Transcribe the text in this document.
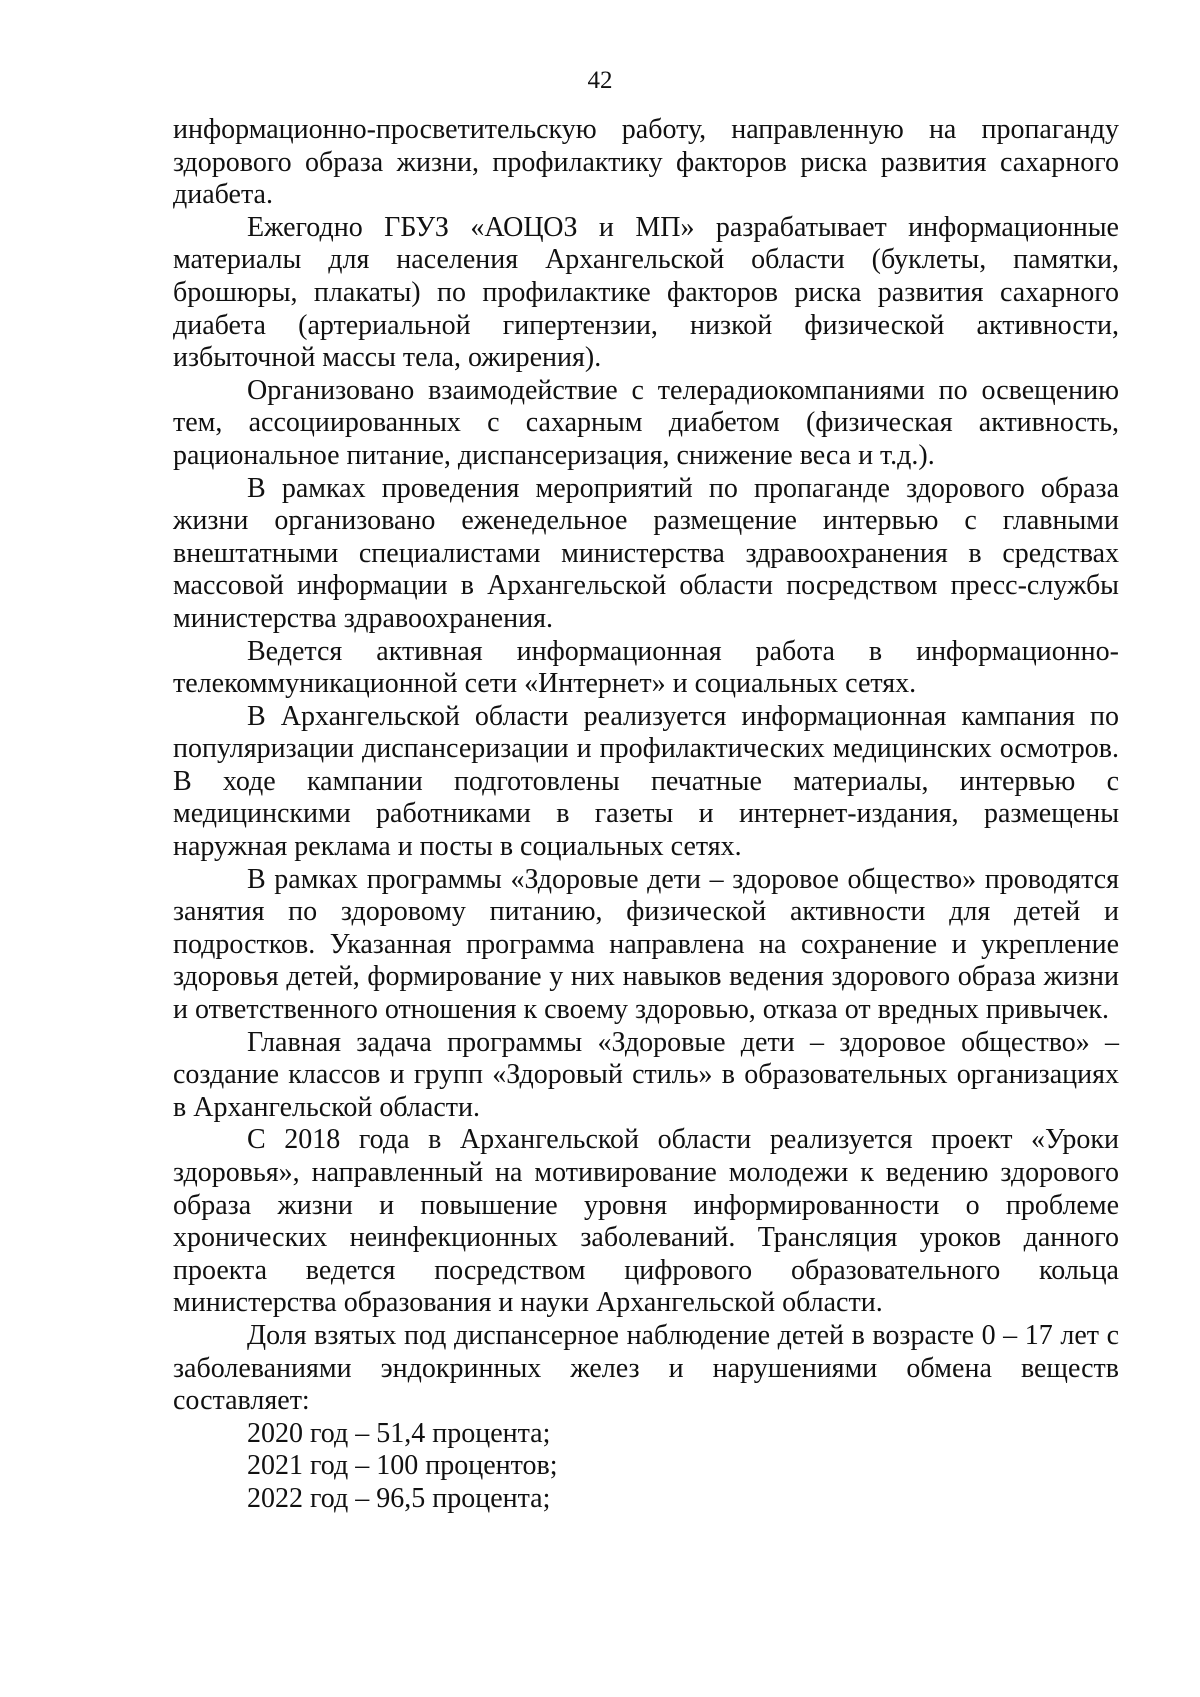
42

информационно-просветительскую работу, направленную на пропаганду здорового образа жизни, профилактику факторов риска развития сахарного диабета.

Ежегодно ГБУЗ «АОЦОЗ и МП» разрабатывает информационные материалы для населения Архангельской области (буклеты, памятки, брошюры, плакаты) по профилактике факторов риска развития сахарного диабета (артериальной гипертензии, низкой физической активности, избыточной массы тела, ожирения).

Организовано взаимодействие с телерадиокомпаниями по освещению тем, ассоциированных с сахарным диабетом (физическая активность, рациональное питание, диспансеризация, снижение веса и т.д.).

В рамках проведения мероприятий по пропаганде здорового образа жизни организовано еженедельное размещение интервью с главными внештатными специалистами министерства здравоохранения в средствах массовой информации в Архангельской области посредством пресс-службы министерства здравоохранения.

Ведется активная информационная работа в информационно-телекоммуникационной сети «Интернет» и социальных сетях.

В Архангельской области реализуется информационная кампания по популяризации диспансеризации и профилактических медицинских осмотров. В ходе кампании подготовлены печатные материалы, интервью с медицинскими работниками в газеты и интернет-издания, размещены наружная реклама и посты в социальных сетях.

В рамках программы «Здоровые дети – здоровое общество» проводятся занятия по здоровому питанию, физической активности для детей и подростков. Указанная программа направлена на сохранение и укрепление здоровья детей, формирование у них навыков ведения здорового образа жизни и ответственного отношения к своему здоровью, отказа от вредных привычек.

Главная задача программы «Здоровые дети – здоровое общество» – создание классов и групп «Здоровый стиль» в образовательных организациях в Архангельской области.

С 2018 года в Архангельской области реализуется проект «Уроки здоровья», направленный на мотивирование молодежи к ведению здорового образа жизни и повышение уровня информированности о проблеме хронических неинфекционных заболеваний. Трансляция уроков данного проекта ведется посредством цифрового образовательного кольца министерства образования и науки Архангельской области.

Доля взятых под диспансерное наблюдение детей в возрасте 0 – 17 лет с заболеваниями эндокринных желез и нарушениями обмена веществ составляет:

2020 год – 51,4 процента;

2021 год – 100 процентов;

2022 год – 96,5 процента;
